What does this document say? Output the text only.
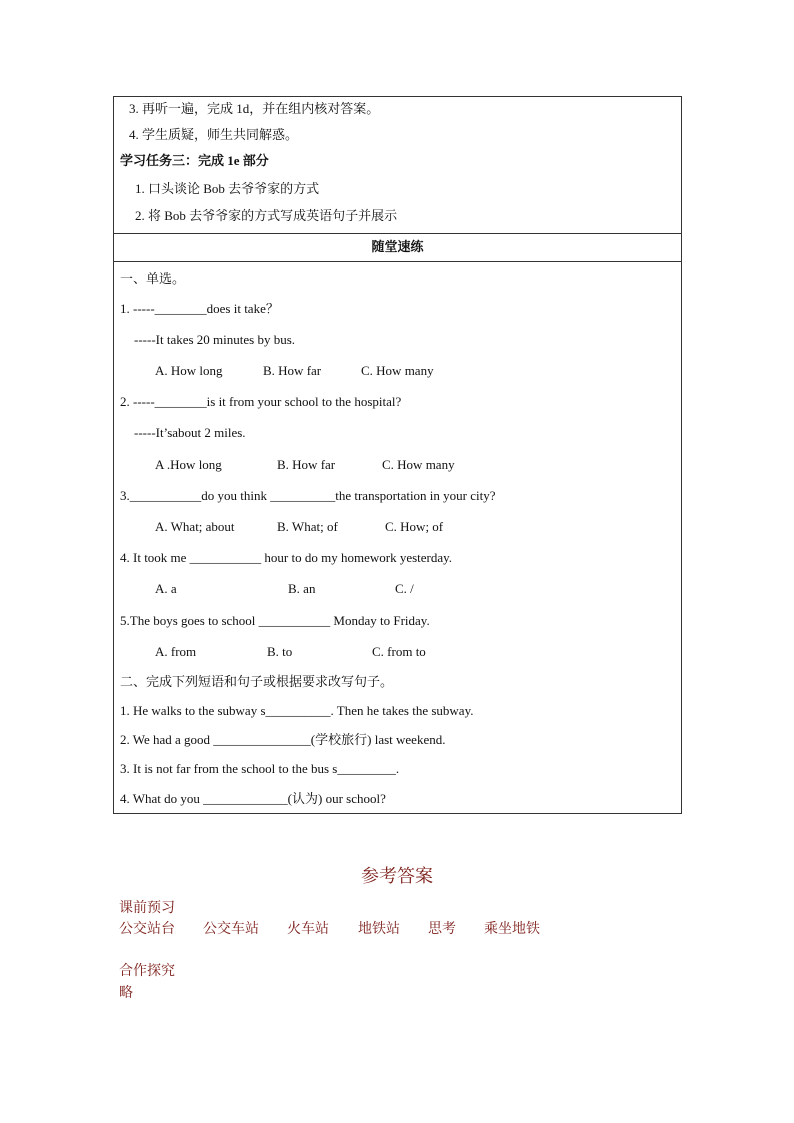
3. 再听一遍，完成 1d，并在组内核对答案。
4. 学生质疑，师生共同解惑。
学习任务三：完成 1e 部分
1. 口头谈论 Bob 去爷爷家的方式
2. 将 Bob 去爷爷家的方式写成英语句子并展示
随堂速练
一、单选。
1. -----________does it take？
-----It takes 20 minutes by bus.
A. How long	B. How far	C. How many
2. -----________is it from your school to the hospital?
-----It’sabout 2 miles.
A .How long	B. How far	C. How many
3.___________do you think __________the transportation in your city?
A. What; about	B. What; of	C. How; of
4. It took me ___________ hour to do my homework yesterday.
A. a	B. an	C. /
5.The boys goes to school ___________ Monday to Friday.
A. from	B. to	C. from to
二、完成下列短语和句子或根据要求改写句子。
1. He walks to the subway s__________. Then he takes the subway.
2. We had a good _______________(学校旅行) last weekend.
3. It is not far from the school to the bus s_________.
4. What do you _____________(认为) our school?
参考答案
课前预习
公交站台 公交车站 火车站 地铁站 思考 乘坐地铁
合作探究
略
